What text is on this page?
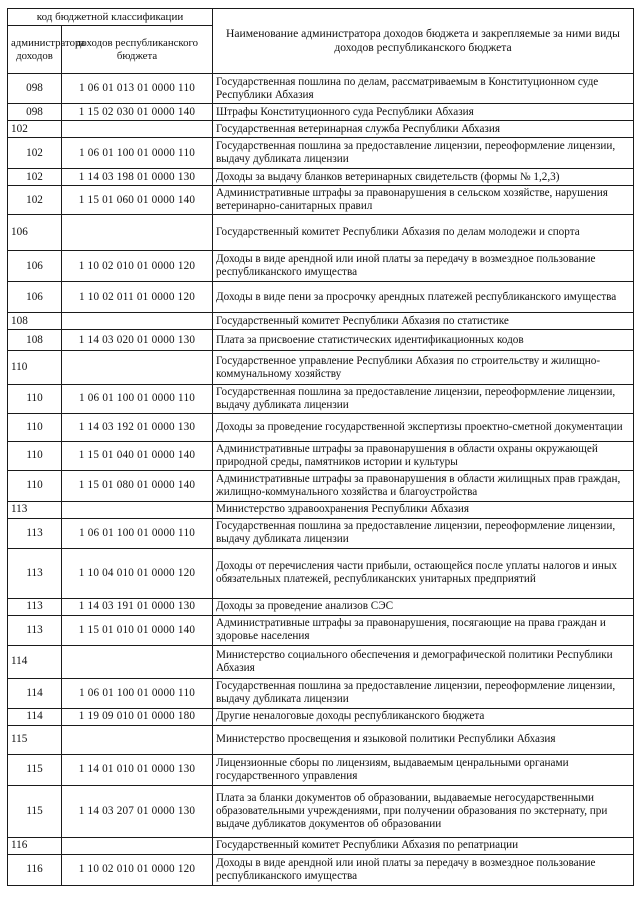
код бюджетной классификации		Наименование администратора доходов бюджета и закрепляемые за ними виды доходов республиканского бюджета
администратора доходов	доходов республиканского бюджета	
098	1 06 01 013 01 0000 110	Государственная пошлина по делам, рассматриваемым в Конституционном суде Республики Абхазия
098	1 15 02 030 01 0000 140	Штрафы Конституционного суда Республики Абхазия
102		Государственная ветеринарная служба Республики Абхазия
102	1 06 01 100 01 0000 110	Государственная пошлина за предоставление лицензии, переоформление лицензии, выдачу дубликата лицензии
102	1 14 03 198 01 0000 130	Доходы за выдачу бланков ветеринарных свидетельств (формы № 1,2,3)
102	1 15 01 060 01 0000 140	Административные штрафы за правонарушения в сельском хозяйстве, нарушения ветеринарно-санитарных правил
106		Государственный комитет Республики Абхазия по делам молодежи и спорта
106	1 10 02 010 01 0000 120	Доходы в виде арендной или иной платы за передачу в возмездное пользование республиканского имущества
106	1 10 02 011 01 0000 120	Доходы в виде пени за просрочку арендных платежей республиканского имущества
108		Государственный комитет Республики Абхазия по статистике
108	1 14 03 020 01 0000 130	Плата за присвоение статистических идентификационных кодов
110		Государственное управление Республики Абхазия по строительству и жилищно-коммунальному хозяйству
110	1 06 01 100 01 0000 110	Государственная пошлина за предоставление лицензии, переоформление лицензии, выдачу дубликата лицензии
110	1 14 03 192 01 0000 130	Доходы за проведение государственной экспертизы проектно-сметной документации
110	1 15 01 040 01 0000 140	Административные штрафы за правонарушения в области охраны окружающей природной среды, памятников истории и культуры
110	1 15 01 080 01 0000 140	Административные штрафы за правонарушения в области жилищных прав граждан, жилищно-коммунального хозяйства и благоустройства
113		Министерство здравоохранения Республики Абхазия
113	1 06 01 100 01 0000 110	Государственная пошлина за предоставление лицензии, переоформление лицензии, выдачу дубликата лицензии
113	1 10 04 010 01 0000 120	Доходы от перечисления части прибыли, остающейся после уплаты налогов и иных обязательных платежей, республиканских унитарных предприятий
113	1 14 03 191 01 0000 130	Доходы за проведение анализов СЭС
113	1 15 01 010 01 0000 140	Административные штрафы за правонарушения, посягающие на права граждан и здоровье населения
114		Министерство социального обеспечения и демографической политики Республики Абхазия
114	1 06 01 100 01 0000 110	Государственная пошлина за предоставление лицензии, переоформление лицензии, выдачу дубликата лицензии
114	1 19 09 010 01 0000 180	Другие неналоговые доходы республиканского бюджета
115		Министерство просвещения и языковой политики Республики Абхазия
115	1 14 01 010 01 0000 130	Лицензионные сборы по лицензиям, выдаваемым ценральными органами государственного управления
115	1 14 03 207 01 0000 130	Плата за бланки документов об образовании, выдаваемые негосударственными образовательными учреждениями, при получении образования по экстернату, при выдаче дубликатов документов об образовании
116		Государственный комитет Республики Абхазия по репатриации
116	1 10 02 010 01 0000 120	Доходы в виде арендной или иной платы за передачу в возмездное пользование республиканского имущества
